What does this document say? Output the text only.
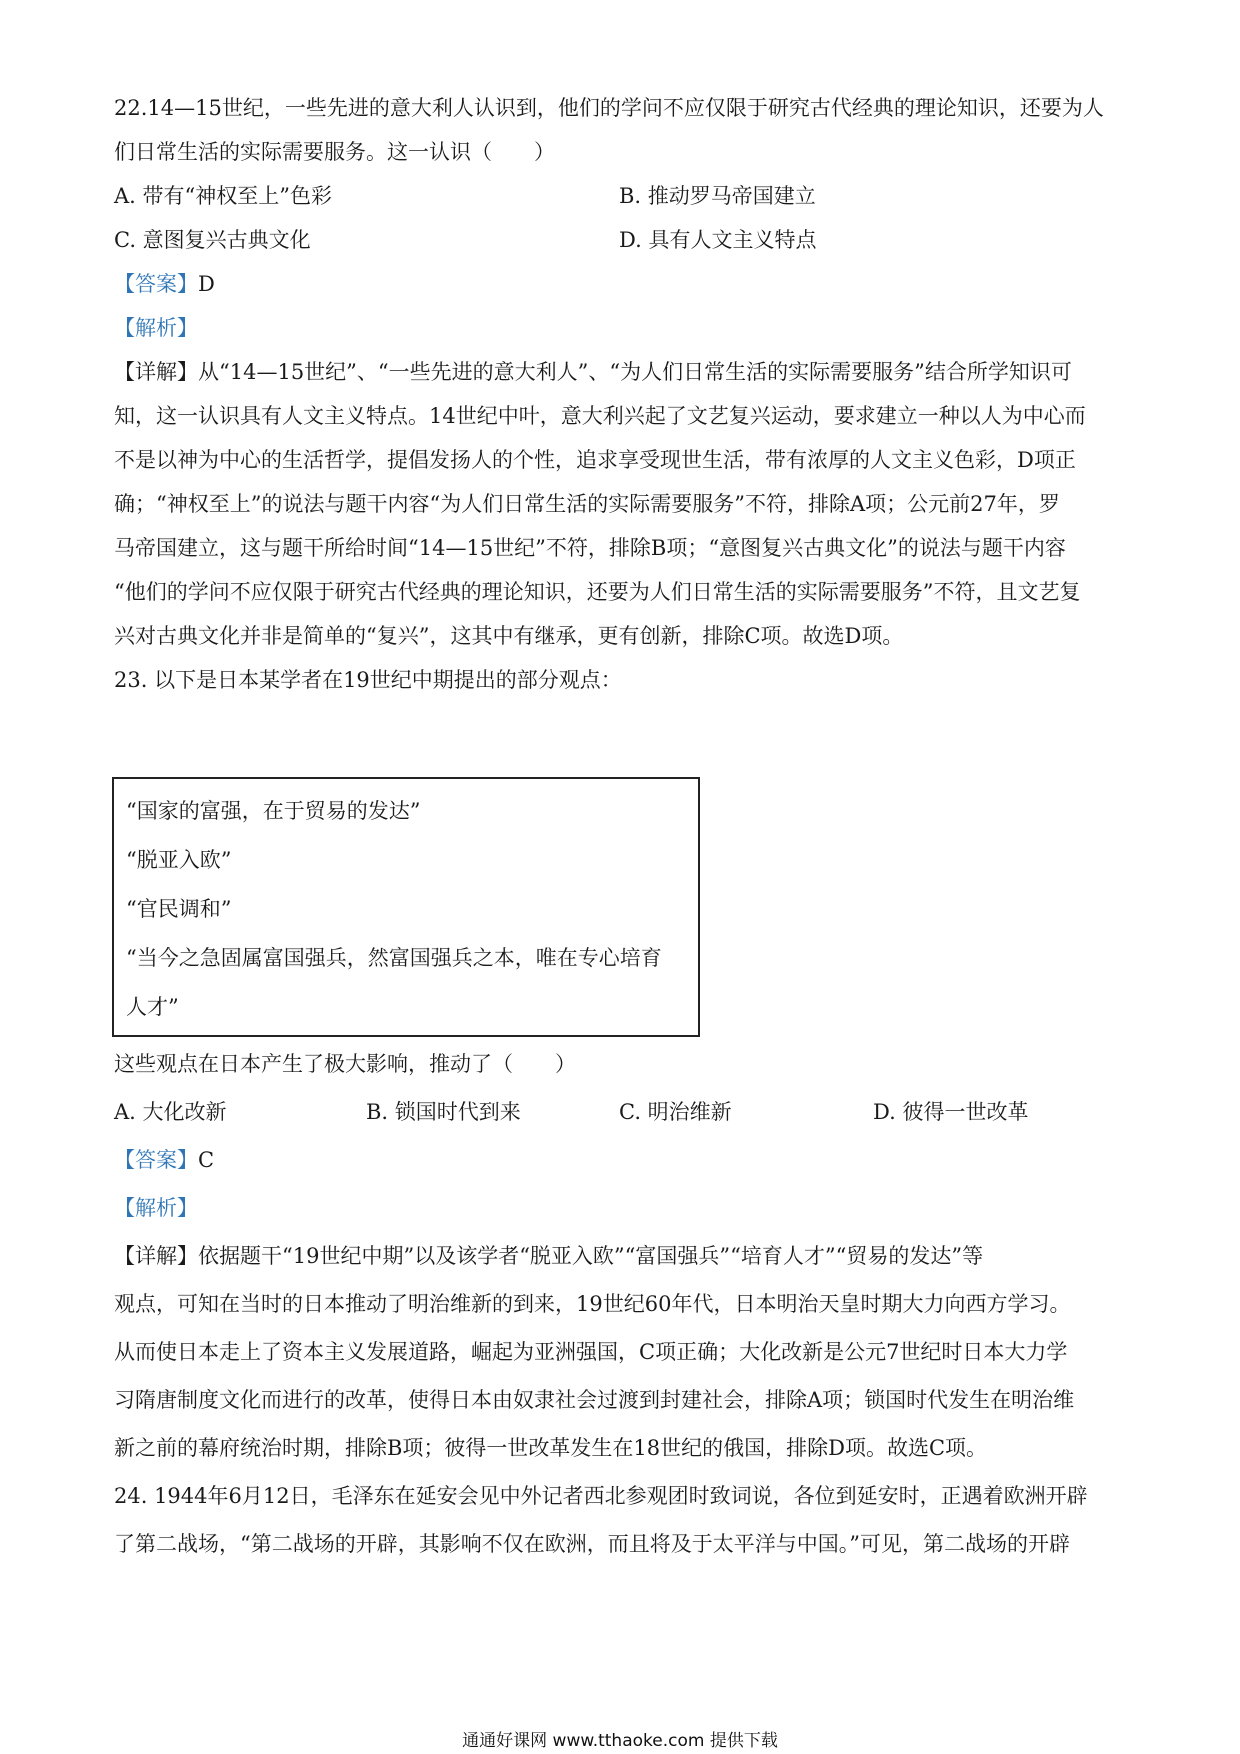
22.14—15世纪，一些先进的意大利人认识到，他们的学问不应仅限于研究古代经典的理论知识，还要为人
们日常生活的实际需要服务。这一认识（　　）
A. 带有“神权至上”色彩	B. 推动罗马帝国建立
C. 意图复兴古典文化	D. 具有人文主义特点
【答案】D
【解析】
【详解】从“14—15世纪”、“一些先进的意大利人”、“为人们日常生活的实际需要服务”结合所学知识可
知，这一认识具有人文主义特点。14世纪中叶，意大利兴起了文艺复兴运动，要求建立一种以人为中心而
不是以神为中心的生活哲学，提倡发扬人的个性，追求享受现世生活，带有浓厚的人文主义色彩，D项正
确；“神权至上”的说法与题干内容“为人们日常生活的实际需要服务”不符，排除A项；公元前27年，罗
马帝国建立，这与题干所给时间“14—15世纪”不符，排除B项；“意图复兴古典文化”的说法与题干内容
“他们的学问不应仅限于研究古代经典的理论知识，还要为人们日常生活的实际需要服务”不符，且文艺复
兴对古典文化并非是简单的“复兴”，这其中有继承，更有创新，排除C项。故选D项。
23. 以下是日本某学者在19世纪中期提出的部分观点：
“国家的富强，在于贸易的发达”
“脱亚入欧”
“官民调和”
“当今之急固属富国强兵，然富国强兵之本，唯在专心培育
人才”
这些观点在日本产生了极大影响，推动了（　　）
A. 大化改新	B. 锁国时代到来	C. 明治维新	D. 彼得一世改革
【答案】C
【解析】
【详解】依据题干“19世纪中期”以及该学者“脱亚入欧”“富国强兵”“培育人才”“贸易的发达”等
观点，可知在当时的日本推动了明治维新的到来，19世纪60年代，日本明治天皇时期大力向西方学习。
从而使日本走上了资本主义发展道路，崛起为亚洲强国，C项正确；大化改新是公元7世纪时日本大力学
习隋唐制度文化而进行的改革，使得日本由奴隶社会过渡到封建社会，排除A项；锁国时代发生在明治维
新之前的幕府统治时期，排除B项；彼得一世改革发生在18世纪的俄国，排除D项。故选C项。
24. 1944年6月12日，毛泽东在延安会见中外记者西北参观团时致词说，各位到延安时，正遇着欧洲开辟
了第二战场，“第二战场的开辟，其影响不仅在欧洲，而且将及于太平洋与中国。”可见，第二战场的开辟
通通好课网 www.tthaoke.com 提供下载
